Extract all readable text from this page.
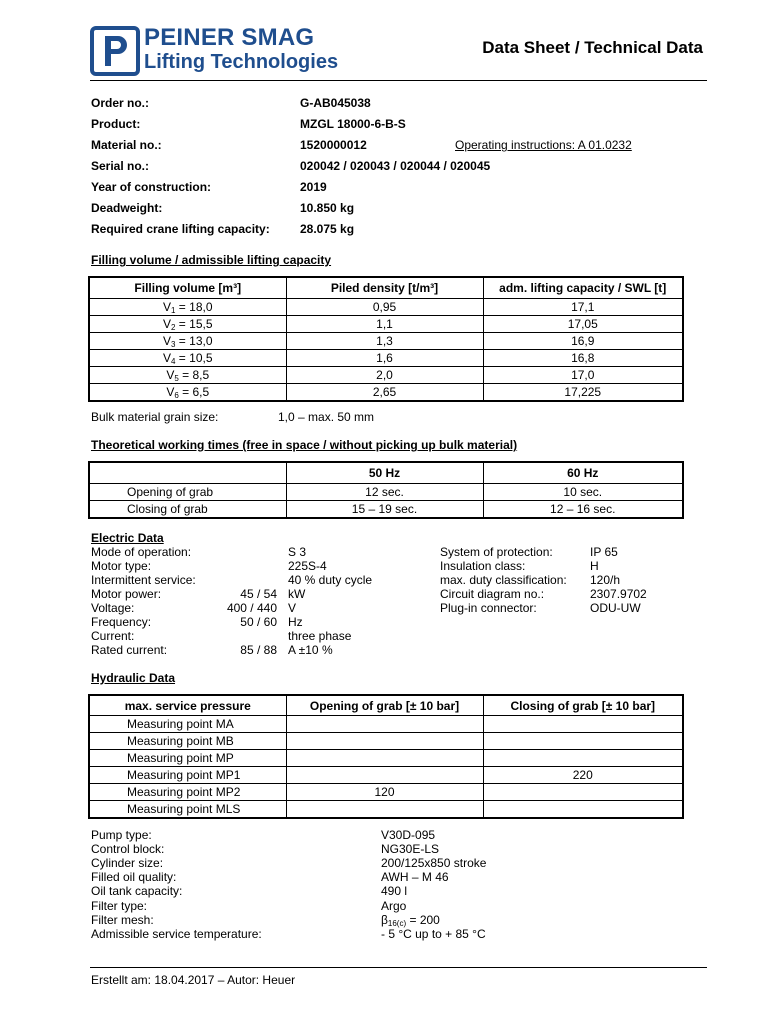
PEINER SMAG
Lifting Technologies
Data Sheet / Technical Data
Order no.:	G-AB045038
Product:	MZGL 18000-6-B-S
Material no.:	1520000012	Operating instructions: A 01.0232
Serial no.:	020042 / 020043 / 020044 / 020045
Year of construction:	2019
Deadweight:	10.850 kg
Required crane lifting capacity:	28.075 kg
Filling volume / admissible lifting capacity
Filling volume [m³]	Piled density [t/m³]	adm. lifting capacity / SWL [t]
$V_1 = 18,0$	0,95	17,1
$V_2 = 15,5$	1,1	17,05
$V_3 = 13,0$	1,3	16,9
$V_4 = 10,5$	1,6	16,8
$V_5 = 8,5$	2,0	17,0
$V_6 = 6,5$	2,65	17,225
Bulk material grain size:	1,0 – max. 50 mm
Theoretical working times (free in space / without picking up bulk material)
	50 Hz	60 Hz
Opening of grab	12 sec.	10 sec.
Closing of grab	15 – 19 sec.	12 – 16 sec.
Electric Data
Mode of operation:	S 3
Motor type:	225S-4
Intermittent service:	40 % duty cycle
Motor power:	45 / 54 kW
Voltage:	400 / 440 V
Frequency:	50 / 60 Hz
Current:	three phase
Rated current:	85 / 88 A ±10 %
System of protection:	IP 65
Insulation class:	H
max. duty classification: 120/h
Circuit diagram no.:	2307.9702
Plug-in connector:	ODU-UW
Hydraulic Data
max. service pressure	Opening of grab [± 10 bar]	Closing of grab [± 10 bar]
Measuring point MA		
Measuring point MB		
Measuring point MP		
Measuring point MP1		220
Measuring point MP2	120	
Measuring point MLS		
Pump type:	V30D-095
Control block:	NG30E-LS
Cylinder size:	200/125x850 stroke
Filled oil quality:	AWH – M 46
Oil tank capacity:	490 l
Filter type:	Argo
Filter mesh:	$\beta_{16(c)} = 200$
Admissible service temperature:	- 5 °C up to + 85 °C
Erstellt am: 18.04.2017 – Autor: Heuer
